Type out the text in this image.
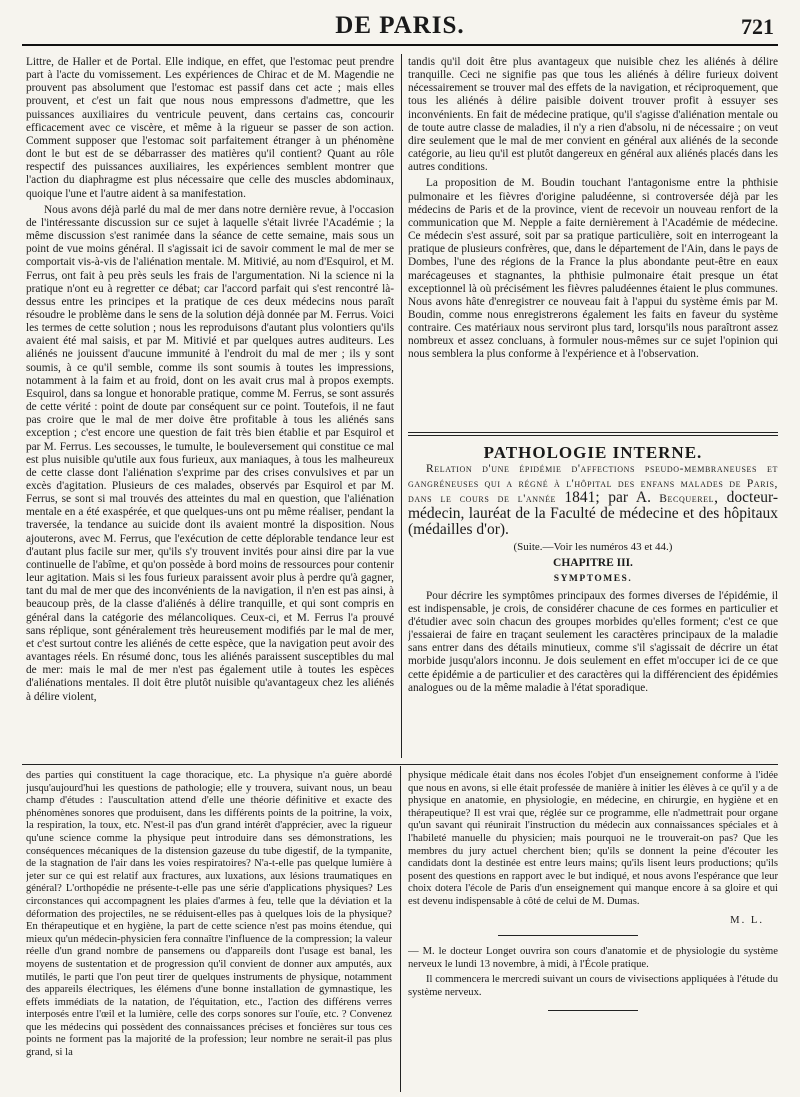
DE PARIS.	721

Littre, de Haller et de Portal. Elle indique, en effet, que l'estomac peut prendre part à l'acte du vomissement. Les expériences de Chirac et de M. Magendie ne prouvent pas absolument que l'estomac est passif dans cet acte ; mais elles prouvent, et c'est un fait que nous nous empressons d'admettre, que les puissances auxiliaires du ventricule peuvent, dans certains cas, concourir efficacement avec ce viscère, et même à la rigueur se passer de son action. Comment supposer que l'estomac soit parfaitement étranger à un phénomène dont le but est de se débarrasser des matières qu'il contient? Quant au rôle respectif des puissances auxiliaires, les expériences semblent montrer que l'action du diaphragme est plus nécessaire que celle des muscles abdominaux, quoique l'une et l'autre aident à sa manifestation.

Nous avons déjà parlé du mal de mer dans notre dernière revue, à l'occasion de l'intéressante discussion sur ce sujet à laquelle s'était livrée l'Académie ; la même discussion s'est ranimée dans la séance de cette semaine, mais sous un point de vue moins général. Il s'agissait ici de savoir comment le mal de mer se comportait vis-à-vis de l'aliénation mentale. M. Mitivié, au nom d'Esquirol, et M. Ferrus, ont fait à peu près seuls les frais de l'argumentation. Ni la science ni la pratique n'ont eu à regretter ce débat; car l'accord parfait qui s'est rencontré là-dessus entre les principes et la pratique de ces deux médecins nous paraît résoudre le problème dans le sens de la solution déjà donnée par M. Ferrus. Voici les termes de cette solution ; nous les reproduisons d'autant plus volontiers qu'ils avaient été mal saisis, et par M. Mitivié et par quelques autres auditeurs. Les aliénés ne jouissent d'aucune immunité à l'endroit du mal de mer ; ils y sont soumis, à ce qu'il semble, comme ils sont soumis à toutes les impressions, notamment à la faim et au froid, dont on les avait crus mal à propos exempts. Esquirol, dans sa longue et honorable pratique, comme M. Ferrus, se sont assurés de cette vérité : point de doute par conséquent sur ce point. Toutefois, il ne faut pas croire que le mal de mer doive être profitable à tous les aliénés sans exception ; c'est encore une question de fait très bien établie et par Esquirol et par M. Ferrus. Les secousses, le tumulte, le bouleversement qui constitue ce mal est plus nuisible qu'utile aux fous furieux, aux maniaques, à tous les malheureux de cette classe dont l'aliénation s'exprime par des crises convulsives et par un excès d'agitation. Plusieurs de ces malades, observés par Esquirol et par M. Ferrus, se sont si mal trouvés des atteintes du mal en question, que l'aliénation mentale en a été exaspérée, et que quelques-uns ont pu même réaliser, pendant la traversée, la tendance au suicide dont ils avaient montré la disposition. Nous ajouterons, avec M. Ferrus, que l'exécution de cette déplorable tendance leur est d'autant plus facile sur mer, qu'ils s'y trouvent invités pour ainsi dire par la vue continuelle de l'abîme, et qu'on possède à bord moins de ressources pour contenir leur agitation. Mais si les fous furieux paraissent avoir plus à perdre qu'à gagner, tant du mal de mer que des inconvénients de la navigation, il n'en est pas ainsi, à beaucoup près, de la classe d'aliénés à délire tranquille, et qui sont compris en général dans la catégorie des mélancoliques. Ceux-ci, et M. Ferrus l'a prouvé sans réplique, sont généralement très heureusement modifiés par le mal de mer, et c'est surtout contre les aliénés de cette espèce, que la navigation peut avoir des avantages réels. En résumé donc, tous les aliénés paraissent susceptibles du mal de mer: mais le mal de mer n'est pas également utile à toutes les espèces d'aliénations mentales. Il doit être plutôt nuisible qu'avantageux chez les aliénés à délire violent,

tandis qu'il doit être plus avantageux que nuisible chez les aliénés à délire tranquille. Ceci ne signifie pas que tous les aliénés à délire furieux doivent nécessairement se trouver mal des effets de la navigation, et réciproquement, que tous les aliénés à délire paisible doivent trouver profit à essuyer ses inconvénients. En fait de médecine pratique, qu'il s'agisse d'aliénation mentale ou de toute autre classe de maladies, il n'y a rien d'absolu, ni de nécessaire ; on veut dire seulement que le mal de mer convient en général aux aliénés de la seconde catégorie, au lieu qu'il est plutôt dangereux en général aux aliénés placés dans les autres conditions.

La proposition de M. Boudin touchant l'antagonisme entre la phthisie pulmonaire et les fièvres d'origine paludéenne, si controversée déjà par les médecins de Paris et de la province, vient de recevoir un nouveau renfort de la communication que M. Nepple a faite dernièrement à l'Académie de médecine. Ce médecin s'est assuré, soit par sa pratique particulière, soit en interrogeant la pratique de plusieurs confrères, que, dans le département de l'Ain, dans le pays de Dombes, l'une des régions de la France la plus abondante peut-être en eaux marécageuses et stagnantes, la phthisie pulmonaire était presque un état exceptionnel là où précisément les fièvres paludéennes étaient le plus communes. Nous avons hâte d'enregistrer ce nouveau fait à l'appui du système émis par M. Boudin, comme nous enregistrerons également les faits en faveur du système contraire. Ces matériaux nous serviront plus tard, lorsqu'ils nous paraîtront assez nombreux et assez concluans, à formuler nous-mêmes sur ce sujet l'opinion qui nous semblera la plus conforme à l'expérience et à l'observation.

PATHOLOGIE INTERNE.

Relation d'une épidémie d'affections pseudo-membraneuses et gangréneuses qui a régné à l'hôpital des enfans malades de Paris, dans le cours de l'année 1841; par A. Becquerel, docteur-médecin, lauréat de la Faculté de médecine et des hôpitaux (médailles d'or).

(Suite.—Voir les numéros 43 et 44.)

CHAPITRE III.

SYMPTOMES.

Pour décrire les symptômes principaux des formes diverses de l'épidémie, il est indispensable, je crois, de considérer chacune de ces formes en particulier et d'étudier avec soin chacun des groupes morbides qu'elles forment; c'est ce que j'essaierai de faire en traçant seulement les caractères principaux de la maladie sans entrer dans des détails minutieux, comme s'il s'agissait de décrire un état morbide jusqu'alors inconnu. Je dois seulement en effet m'occuper ici de ce que cette épidémie a de particulier et des caractères qui la différencient des épidémies analogues ou de la même maladie à l'état sporadique.

des parties qui constituent la cage thoracique, etc. La physique n'a guère abordé jusqu'aujourd'hui les questions de pathologie; elle y trouvera, suivant nous, un beau champ d'études : l'auscultation attend d'elle une théorie définitive et exacte des phénomènes sonores que produisent, dans les différents points de la poitrine, la voix, la respiration, la toux, etc. N'est-il pas d'un grand intérêt d'apprécier, avec la rigueur qu'une science comme la physique peut introduire dans ses démonstrations, les conséquences mécaniques de la distension gazeuse du tube digestif, de la tympanite, de la stagnation de l'air dans les voies respiratoires? N'a-t-elle pas quelque lumière à jeter sur ce qui est relatif aux fractures, aux luxations, aux lésions traumatiques en général? L'orthopédie ne présente-t-elle pas une série d'applications physiques? Les circonstances qui accompagnent les plaies d'armes à feu, telle que la déviation et la déformation des projectiles, ne se réduisent-elles pas à quelques lois de la physique? En thérapeutique et en hygiène, la part de cette science n'est pas moins étendue, qui mieux qu'un médecin-physicien fera connaître l'influence de la compression; la valeur réelle d'un grand nombre de pansemens ou d'appareils dont l'usage est banal, les moyens de sustentation et de progression qu'il convient de donner aux amputés, aux mutilés, le parti que l'on peut tirer de quelques instruments de physique, notamment des appareils électriques, les élémens d'une bonne installation de gymnastique, les effets immédiats de la natation, de l'équitation, etc., l'action des différens verres interposés entre l'œil et la lumière, celle des corps sonores sur l'ouïe, etc. ? Convenez que les médecins qui possèdent des connaissances précises et foncières sur tous ces points ne forment pas la majorité de la profession; leur nombre ne serait-il pas plus grand, si la

physique médicale était dans nos écoles l'objet d'un enseignement conforme à l'idée que nous en avons, si elle était professée de manière à initier les élèves à ce qu'il y a de physique en anatomie, en physiologie, en médecine, en chirurgie, en hygiène et en thérapeutique? Il est vrai que, réglée sur ce programme, elle n'admettrait pour organe qu'un savant qui réunirait l'instruction du médecin aux connaissances spéciales et à l'habileté manuelle du physicien; mais pourquoi ne le trouverait-on pas? Que les membres du jury actuel cherchent bien; qu'ils se donnent la peine d'écouter les candidats dont la destinée est entre leurs mains; qu'ils lisent leurs productions; qu'ils posent des questions en rapport avec le but indiqué, et nous avons l'espérance que leur choix dotera l'école de Paris d'un enseignement qui manque encore à sa gloire et qui est devenu indispensable à côté de celui de M. Dumas.

M. L.

— M. le docteur Longet ouvrira son cours d'anatomie et de physiologie du système nerveux le lundi 13 novembre, à midi, à l'École pratique.

Il commencera le mercredi suivant un cours de vivisections appliquées à l'étude du système nerveux.
